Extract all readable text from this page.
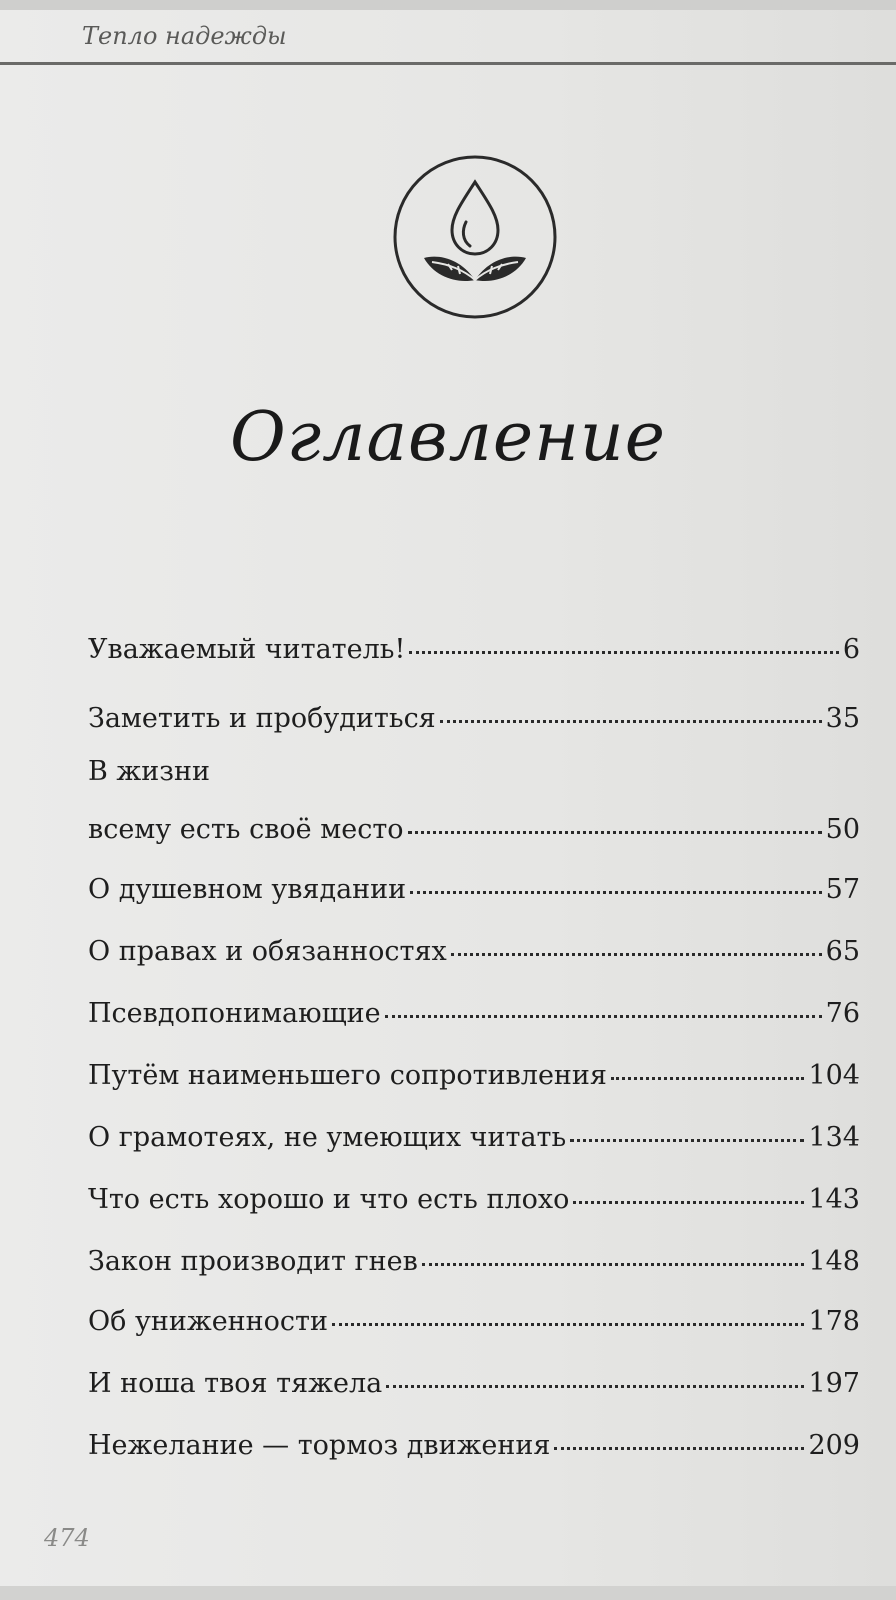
Тепло надежды
Оглавление
Уважаемый читатель!	6
Заметить и пробудиться	35
В жизни
всему есть своё место	50
О душевном увядании	57
О правах и обязанностях	65
Псевдопонимающие	76
Путём наименьшего сопротивления	104
О грамотеях, не умеющих читать	134
Что есть хорошо и что есть плохо	143
Закон производит гнев	148
Об униженности	178
И ноша твоя тяжела	197
Нежелание — тормоз движения	209
474
